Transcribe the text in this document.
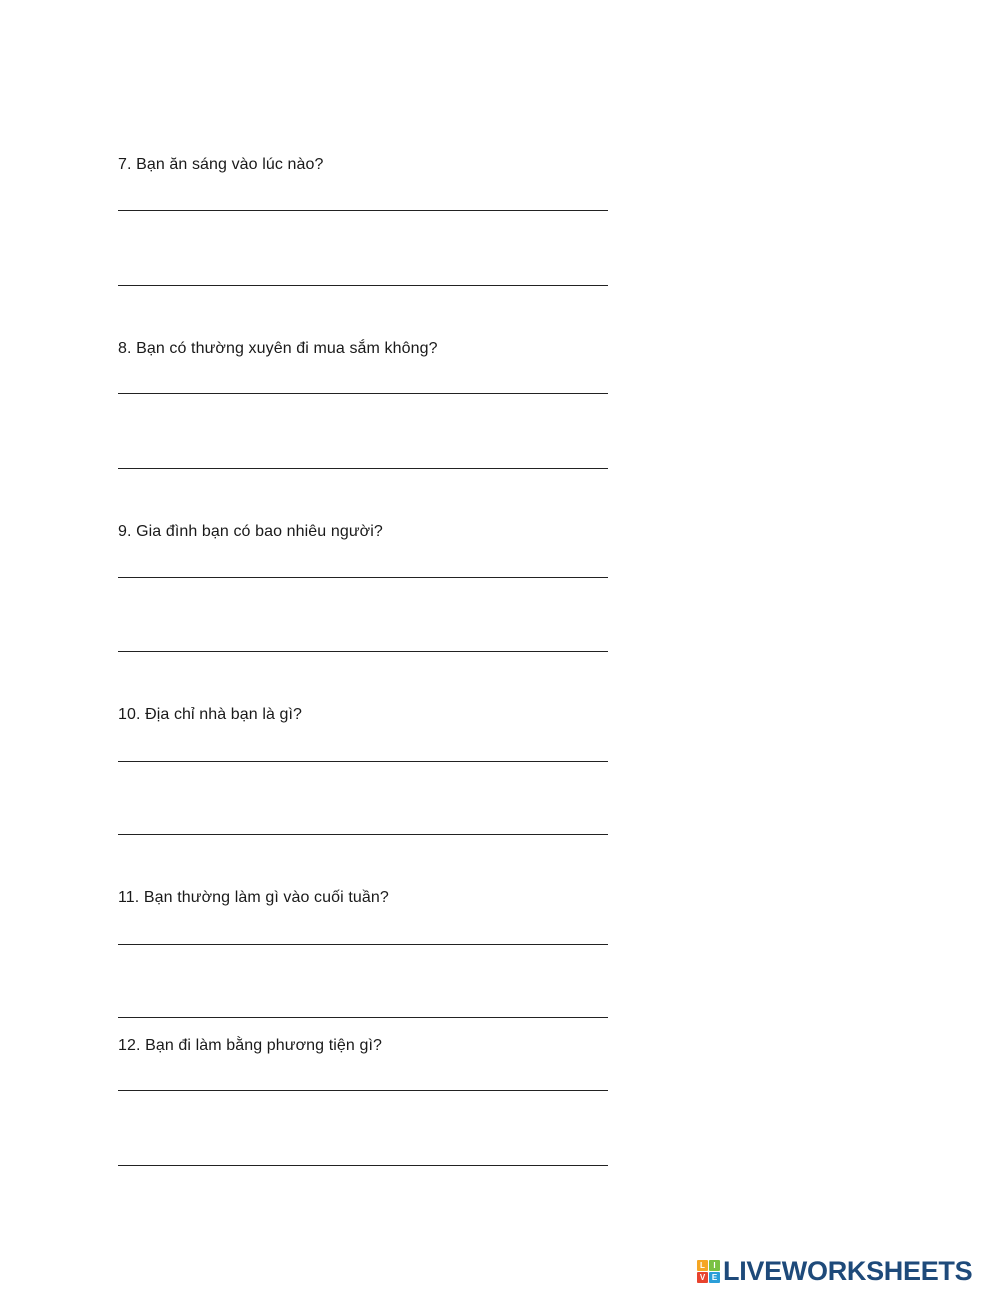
7. Bạn ăn sáng vào lúc nào?
8. Bạn có thường xuyên đi mua sắm không?
9. Gia đình bạn có bao nhiêu người?
10. Địa chỉ nhà bạn là gì?
11. Bạn thường làm gì vào cuối tuần?
12. Bạn đi làm bằng phương tiện gì?
L	I
V E LIVEWORKSHEETS
